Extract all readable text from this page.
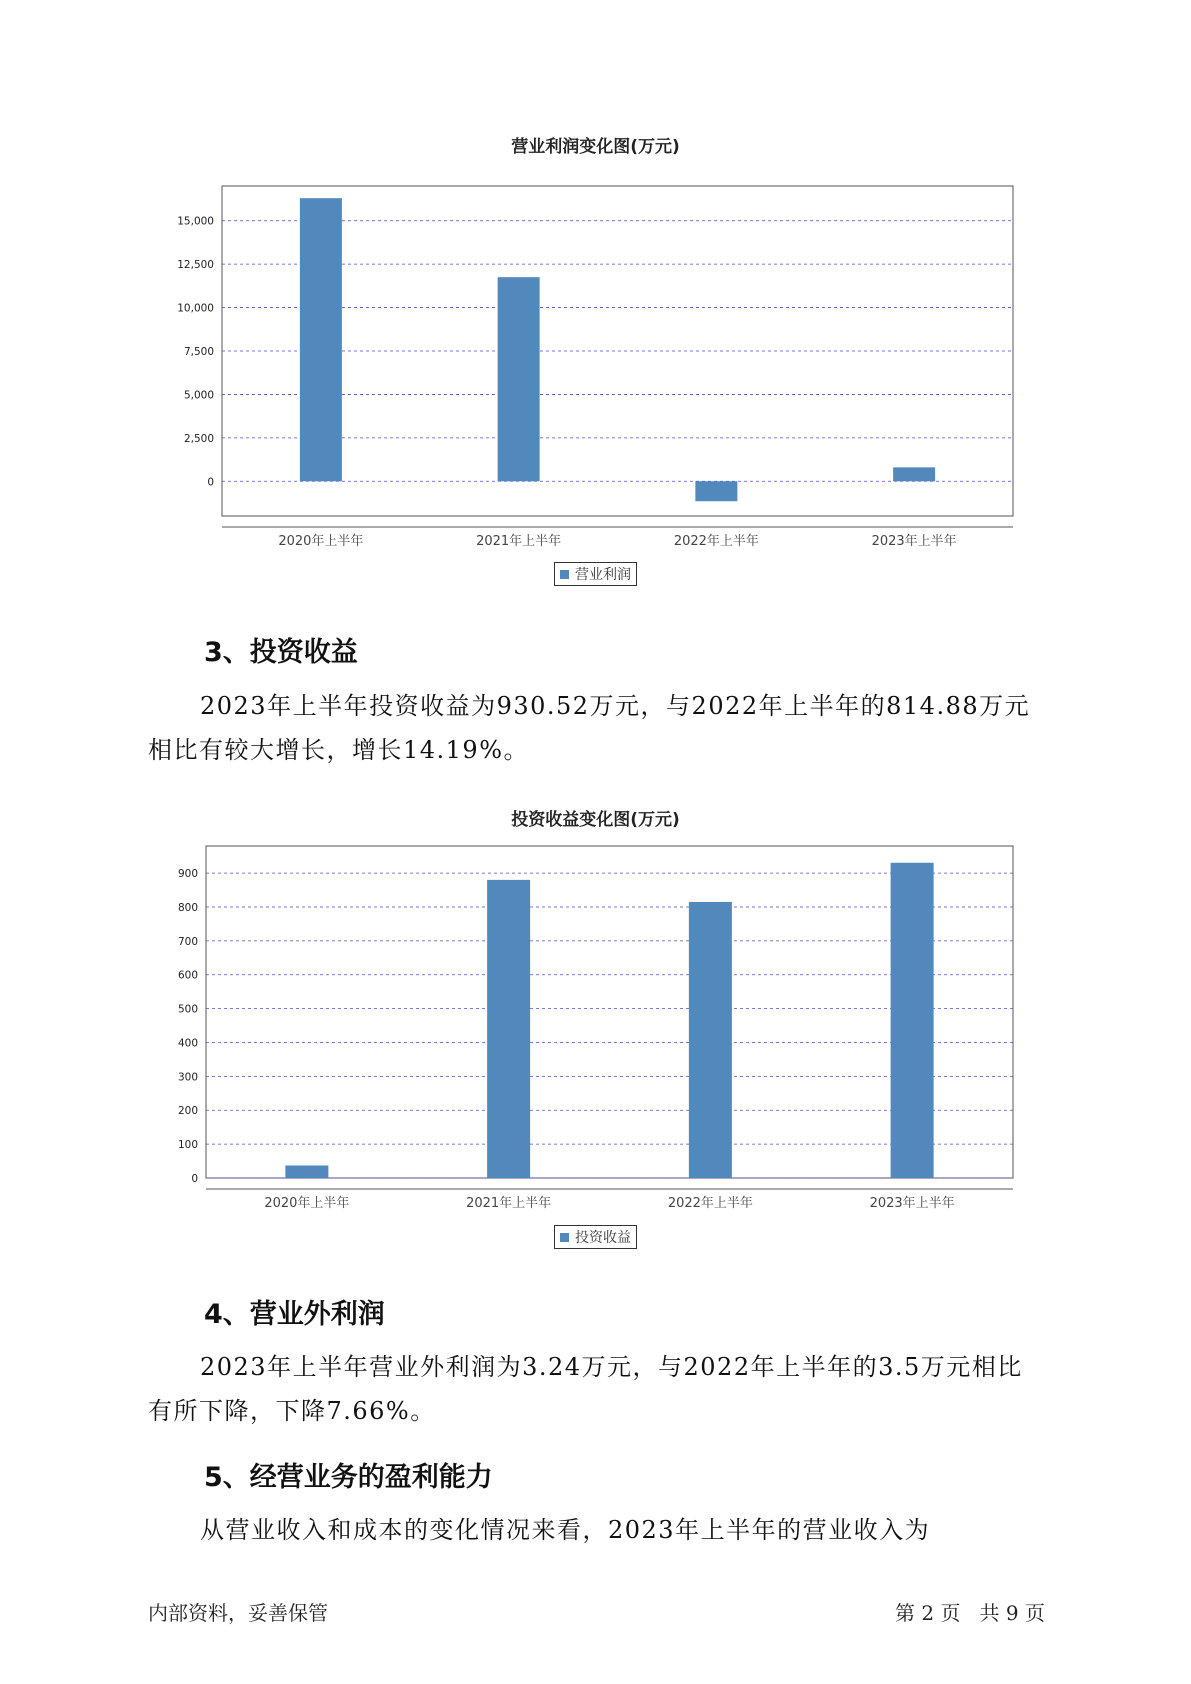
营业利润变化图(万元)
0
2,500
5,000
7,500
10,000
12,500
15,000
2020年上半年	2021年上半年	2022年上半年	2023年上半年
营业利润
3、投资收益

2023年上半年投资收益为930.52万元，与2022年上半年的814.88万元相比有较大增长，增长14.19%。

投资收益变化图(万元)
0
100
200
300
400
500
600
700
800
900
2020年上半年	2021年上半年	2022年上半年	2023年上半年
投资收益
4、营业外利润

2023年上半年营业外利润为3.24万元，与2022年上半年的3.5万元相比有所下降，下降7.66%。

5、经营业务的盈利能力

从营业收入和成本的变化情况来看，2023年上半年的营业收入为

内部资料，妥善保管	第 2 页   共 9 页
